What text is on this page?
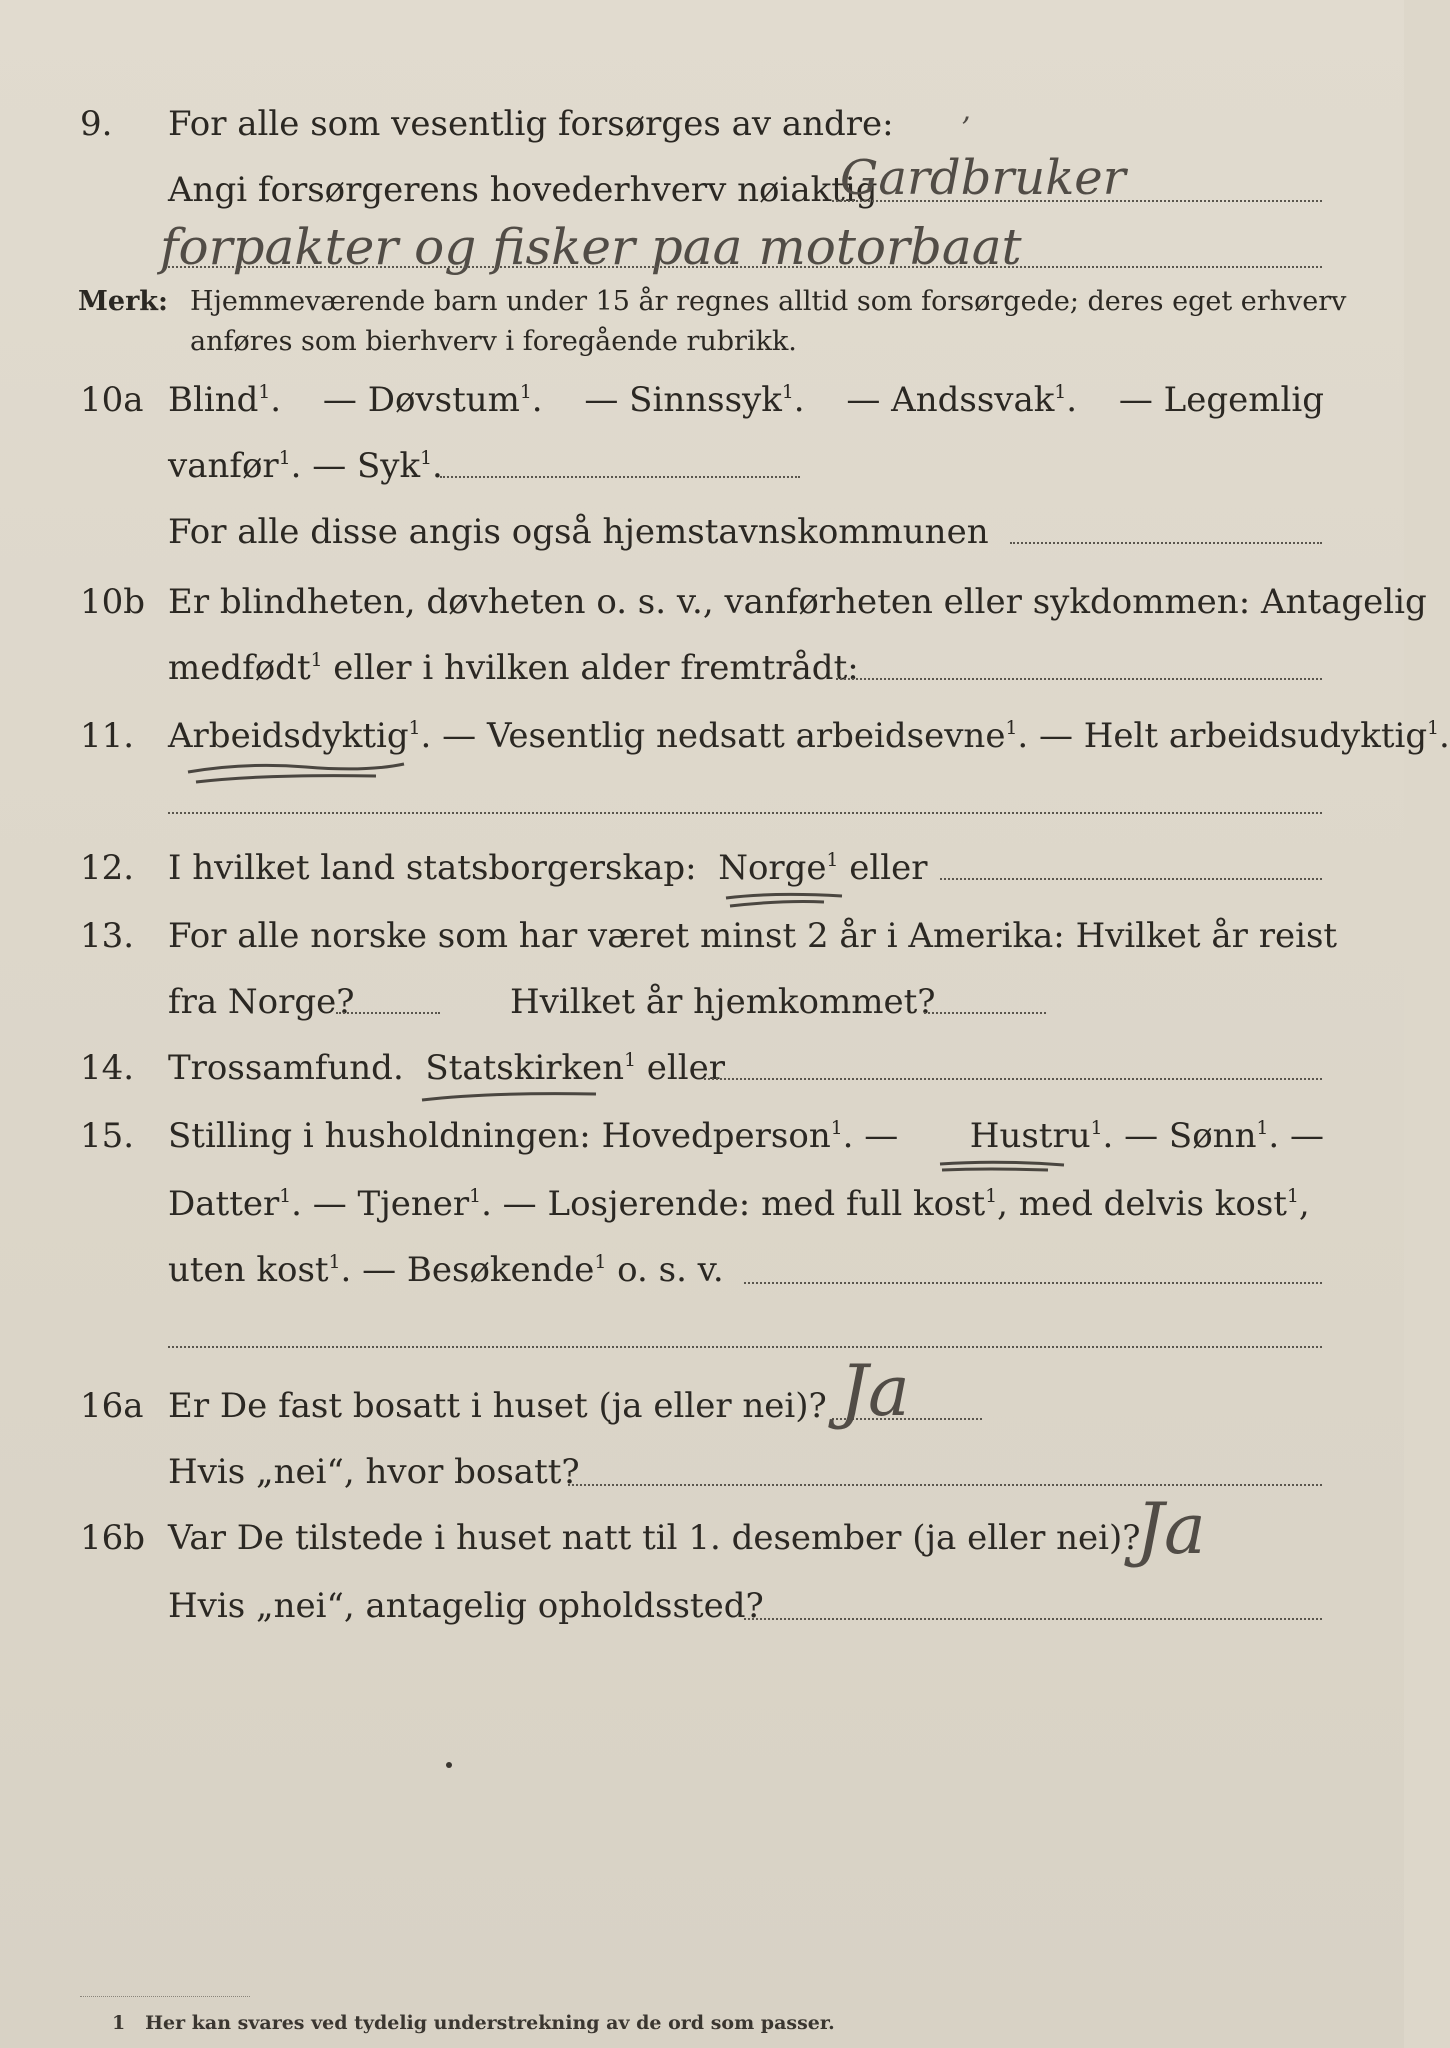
9. For alle som vesentlig forsørges av andre: ʼ
Angi forsørgerens hovederhverv nøiaktig
Gardbruker
forpakter og fisker paa motorbaat
Merk: Hjemmeværende barn under 15 år regnes alltid som forsørgede; deres eget erhverv
anføres som bierhverv i foregående rubrikk.
10a Blind$^1$. — Døvstum$^1$. — Sinnssyk$^1$. — Andssvak$^1$. — Legemlig
vanfør$^1$. — Syk$^1$.
For alle disse angis også hjemstavnskommunen
10b Er blindheten, døvheten o. s. v., vanførheten eller sykdommen: Antagelig
medfødt$^1$ eller i hvilken alder fremtrådt:
11. Arbeidsdyktig$^1$. — Vesentlig nedsatt arbeidsevne$^1$. — Helt arbeidsudyktig$^1$.
12. I hvilket land statsborgerskap: Norge$^1$ eller
13. For alle norske som har været minst 2 år i Amerika: Hvilket år reist
fra Norge?	Hvilket år hjemkommet?
14. Trossamfund. Statskirken$^1$ eller
15. Stilling i husholdningen: Hovedperson$^1$. — Hustru$^1$. — Sønn$^1$. —
Datter$^1$. — Tjener$^1$. — Losjerende: med full kost$^1$, med delvis kost$^1$,
uten kost$^1$. — Besøkende$^1$ o. s. v.
16a Er De fast bosatt i huset (ja eller nei)? Ja
Hvis „nei“, hvor bosatt?
16b Var De tilstede i huset natt til 1. desember (ja eller nei)?
Ja
Hvis „nei“, antagelig opholdssted?
1 Her kan svares ved tydelig understrekning av de ord som passer.
